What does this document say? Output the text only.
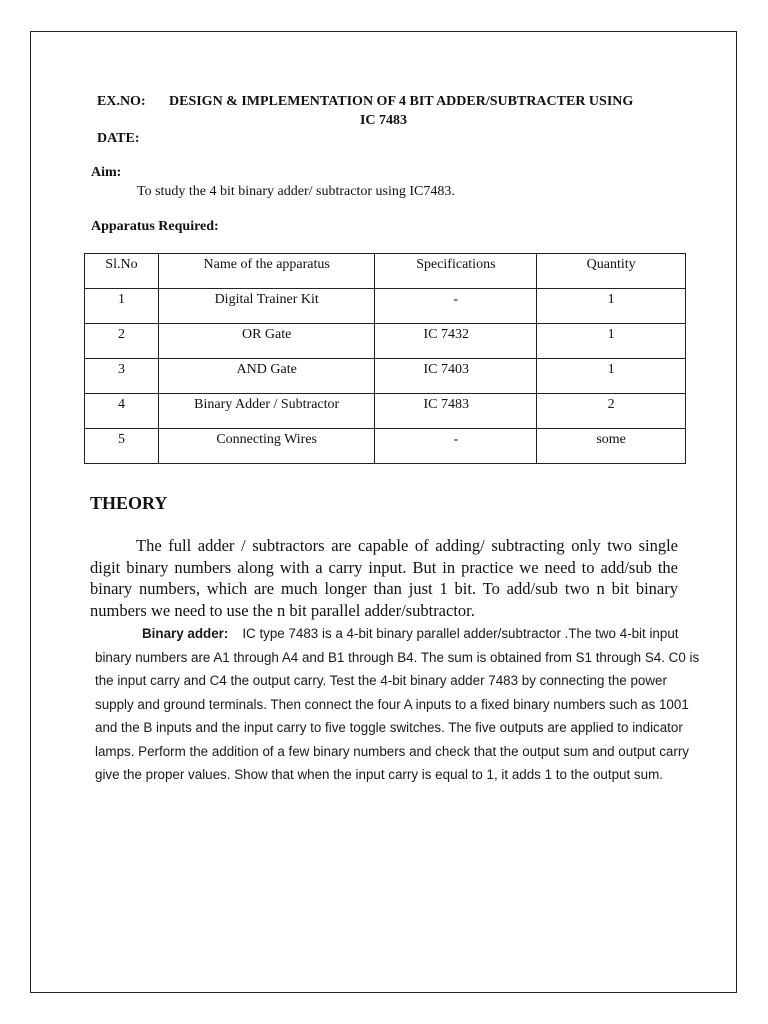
EX.NO: DESIGN & IMPLEMENTATION OF 4 BIT ADDER/SUBTRACTER USING
IC 7483
DATE:
Aim:
To study the 4 bit binary adder/ subtractor using IC7483.
Apparatus Required:
Sl.No	Name of the apparatus	Specifications	Quantity
1	Digital Trainer Kit	-	1
2	OR Gate	IC 7432	1
3	AND Gate	IC 7403	1
4	Binary Adder / Subtractor	IC 7483	2
5	Connecting Wires	-	some
THEORY
The full adder / subtractors are capable of adding/ subtracting only two single digit binary numbers along with a carry input. But in practice we need to add/sub the binary numbers, which are much longer than just 1 bit. To add/sub two n bit binary numbers we need to use the n bit parallel adder/subtractor.
Binary adder: IC type 7483 is a 4-bit binary parallel adder/subtractor .The two 4-bit input binary numbers are A1 through A4 and B1 through B4. The sum is obtained from S1 through S4. C0 is the input carry and C4 the output carry. Test the 4-bit binary adder 7483 by connecting the power supply and ground terminals. Then connect the four A inputs to a fixed binary numbers such as 1001 and the B inputs and the input carry to five toggle switches. The five outputs are applied to indicator lamps. Perform the addition of a few binary numbers and check that the output sum and output carry give the proper values. Show that when the input carry is equal to 1, it adds 1 to the output sum.
